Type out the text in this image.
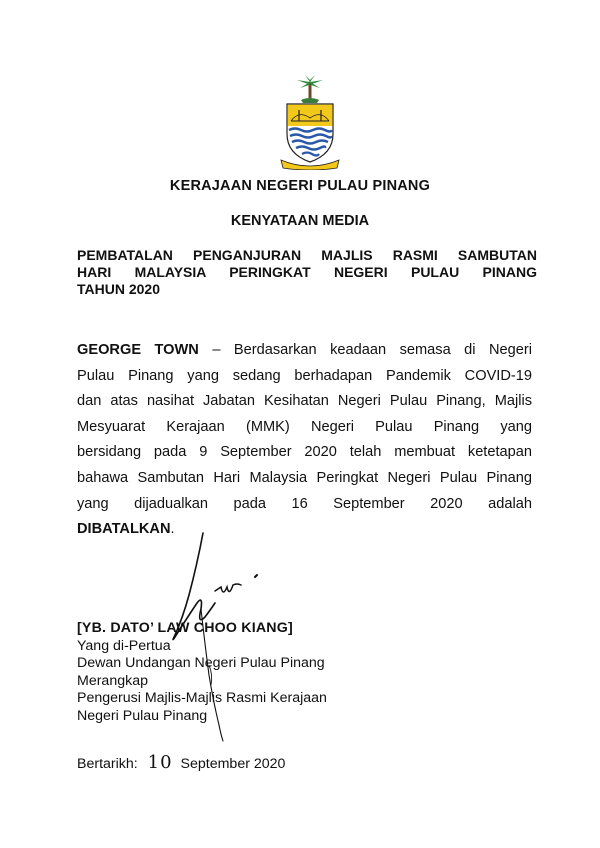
KERAJAAN NEGERI PULAU PINANG
KENYATAAN MEDIA
PEMBATALAN PENGANJURAN MAJLIS RASMI SAMBUTAN
HARI MALAYSIA PERINGKAT NEGERI PULAU PINANG
TAHUN 2020
GEORGE TOWN – Berdasarkan keadaan semasa di Negeri
Pulau Pinang yang sedang berhadapan Pandemik COVID-19
dan atas nasihat Jabatan Kesihatan Negeri Pulau Pinang, Majlis
Mesyuarat Kerajaan (MMK) Negeri Pulau Pinang yang
bersidang pada 9 September 2020 telah membuat ketetapan
bahawa Sambutan Hari Malaysia Peringkat Negeri Pulau Pinang
yang dijadualkan pada 16 September 2020 adalah
DIBATALKAN.
[YB. DATO’ LAW CHOO KIANG]
Yang di-Pertua
Dewan Undangan Negeri Pulau Pinang
Merangkap
Pengerusi Majlis-Majlis Rasmi Kerajaan
Negeri Pulau Pinang
Bertarikh: 10 September 2020
